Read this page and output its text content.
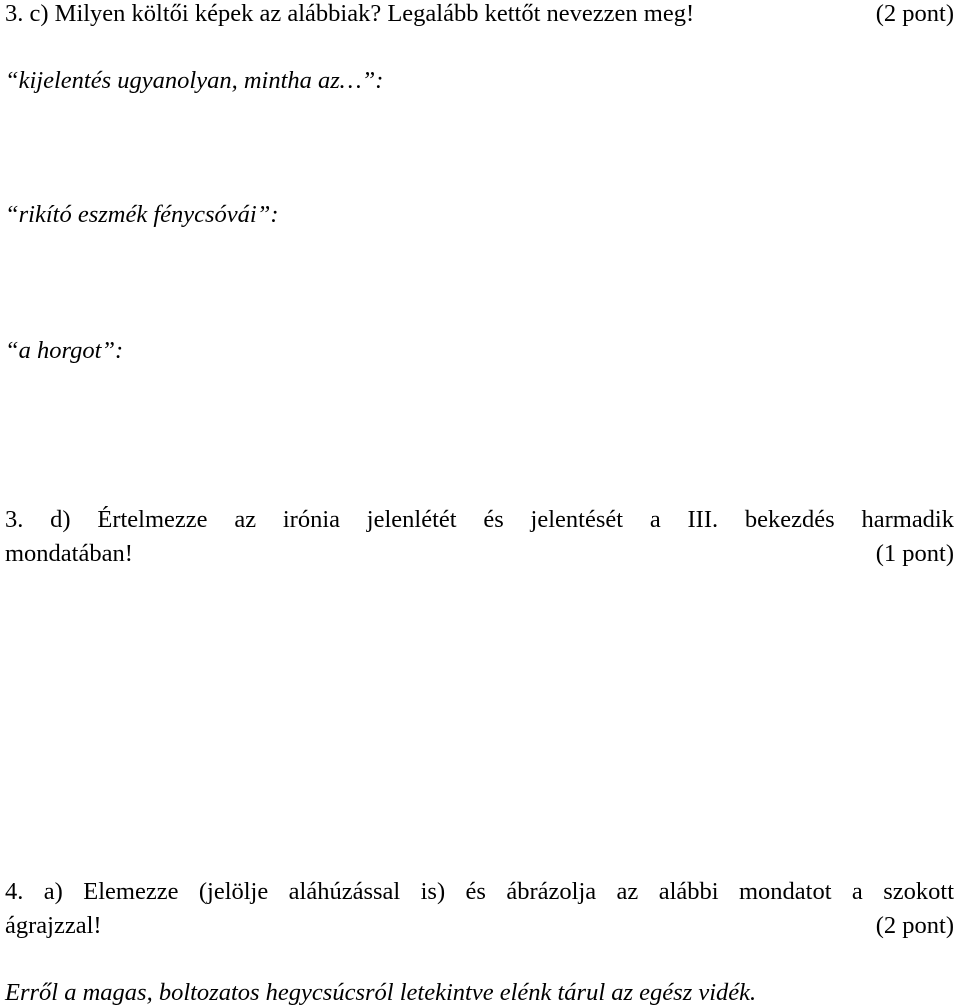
3. c) Milyen költői képek az alábbiak? Legalább kettőt nevezzen meg!	(2 pont)
“kijelentés ugyanolyan, mintha az…”:
“rikító eszmék fénycsóvái”:
“a horgot”:
3. d) Értelmezze az irónia jelenlétét és jelentését a III. bekezdés harmadik
mondatában!	(1 pont)
4. a) Elemezze (jelölje aláhúzással is) és ábrázolja az alábbi mondatot a szokott
ágrajzzal!	(2 pont)
Erről a magas, boltozatos hegycsúcsról letekintve elénk tárul az egész vidék.
